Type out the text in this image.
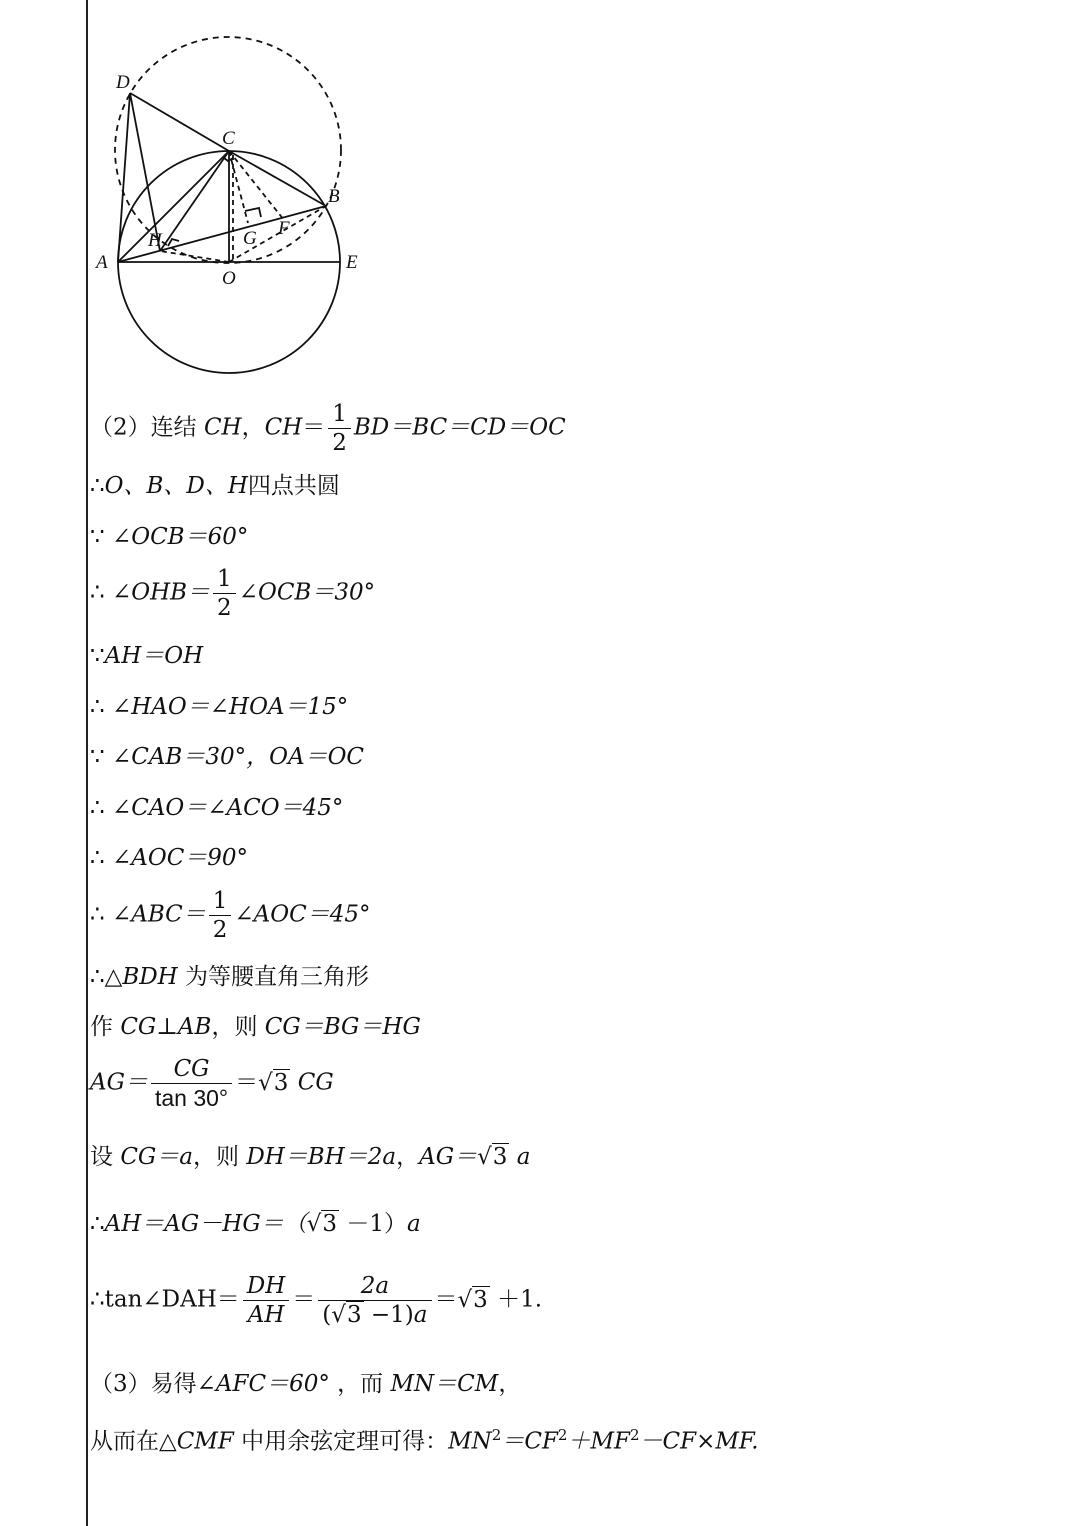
D
C
B
A	E
O
H	G F
（2）连结 CH，$CH= \frac{1}{2} BD=BC=CD=OC$
∴O、B、D、H四点共圆
∵ ∠OCB＝60°
∴ ∠OHB＝ $\frac{1}{2}$ ∠OCB＝30°
∵AH＝OH
∴ ∠HAO＝∠HOA＝15°
∵ ∠CAB＝30°，OA＝OC
∴ ∠CAO＝∠ACO＝45°
∴ ∠AOC＝90°
∴ ∠ABC＝ $\frac{1}{2}$ ∠AOC＝45°
∴△BDH 为等腰直角三角形
作 CG⊥AB，则 CG＝BG＝HG
$AG= \frac{CG}{\tan 30^\circ} =√3$ CG
设 CG＝a，则 DH＝BH＝2a，AG＝√3 a
∴AH＝AG－HG＝（√3 －1）a
∴tan∠DAH＝ $\frac{DH}{AH} = \frac{2a}{(√3 -1)a} =√3 +1$.
（3）易得∠AFC＝60° ，而 MN＝CM，
从而在△CMF 中用余弦定理可得：$MN^2=CF^2+MF^2-CF\times MF$.
